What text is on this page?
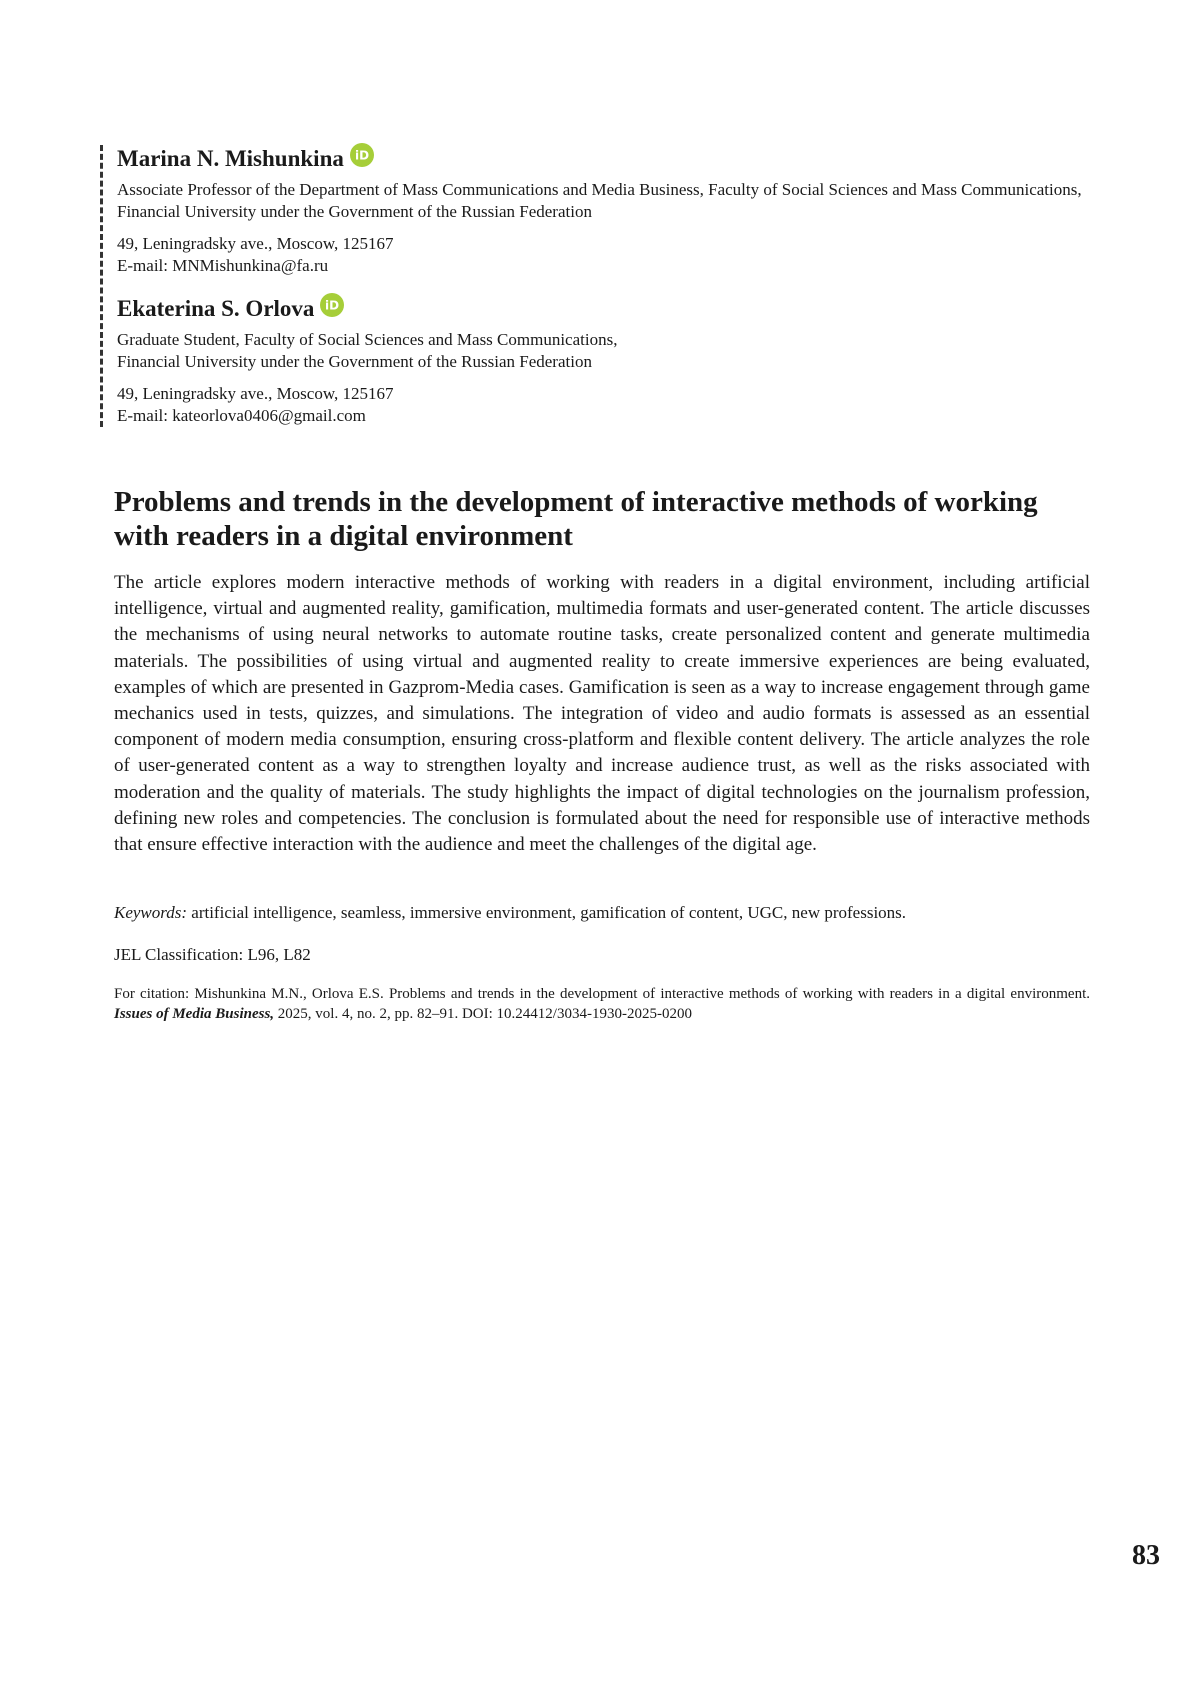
Marina N. Mishunkina iD

Associate Professor of the Department of Mass Communications and Media Business, Faculty of Social Sciences and Mass Communications, Financial University under the Government of the Russian Federation

49, Leningradsky ave., Moscow, 125167
E-mail: MNMishunkina@fa.ru

Ekaterina S. Orlova iD

Graduate Student, Faculty of Social Sciences and Mass Communications,
Financial University under the Government of the Russian Federation

49, Leningradsky ave., Moscow, 125167
E-mail: kateorlova0406@gmail.com

Problems and trends in the development of interactive methods of working with readers in a digital environment

The article explores modern interactive methods of working with readers in a digital environment, including artificial intelligence, virtual and augmented reality, gamification, multimedia formats and user-generated content. The article discusses the mechanisms of using neural networks to automate routine tasks, create personalized content and generate multimedia materials. The possibilities of using virtual and augmented reality to create immersive experiences are being evaluated, examples of which are presented in Gazprom-Media cases. Gamification is seen as a way to increase engagement through game mechanics used in tests, quizzes, and simulations. The integration of video and audio formats is assessed as an essential component of modern media consumption, ensuring cross-platform and flexible content delivery. The article analyzes the role of user-generated content as a way to strengthen loyalty and increase audience trust, as well as the risks associated with moderation and the quality of materials. The study highlights the impact of digital technologies on the journalism profession, defining new roles and competencies. The conclusion is formulated about the need for responsible use of interactive methods that ensure effective interaction with the audience and meet the challenges of the digital age.

Keywords: artificial intelligence, seamless, immersive environment, gamification of content, UGC, new professions.

JEL Classification: L96, L82

For citation: Mishunkina M.N., Orlova E.S. Problems and trends in the development of interactive methods of working with readers in a digital environment. Issues of Media Business, 2025, vol. 4, no. 2, pp. 82–91. DOI: 10.24412/3034-1930-2025-0200

83
